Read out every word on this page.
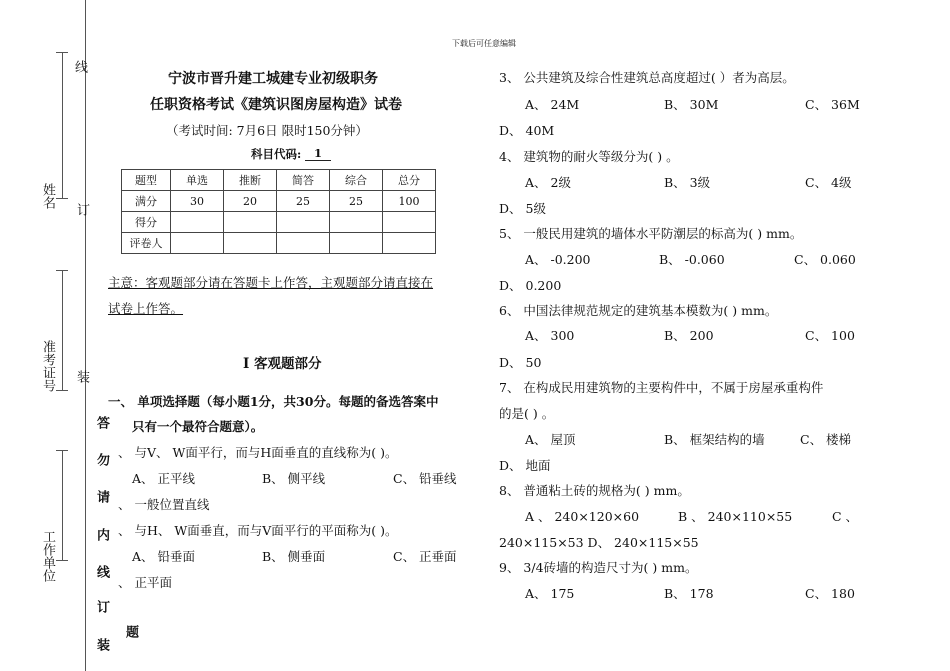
下载后可任意编辑
线
姓名
订
准考证号 装
工作单位
答
勿
请
内
线
订
装
题
宁波市晋升建工城建专业初级职务
任职资格考试《建筑识图房屋构造》试卷
（考试时间: 7月6日 限时150分钟）
科目代码:	1
题型	单选	推断	简答	综合	总分
满分	30	20	25	25	100
得分					
评卷人					
主意：客观题部分请在答题卡上作答，主观题部分请直接在
试卷上作答。
I 客观题部分
一、 单项选择题（每小题1分，共30分。每题的备选答案中
只有一个最符合题意）。
、 与V、 W面平行，而与H面垂直的直线称为( )。
A、 正平线	B、 侧平线	C、 铅垂线
、 一般位置直线
、 与H、 W面垂直，而与V面平行的平面称为( )。
A、 铅垂面	B、 侧垂面	C、 正垂面
、 正平面
3、 公共建筑及综合性建筑总高度超过( ）者为高层。
A、 24M	B、 30M	C、 36M
D、 40M
4、 建筑物的耐火等级分为( ) 。
A、 2级	B、 3级	C、 4级
D、 5级
5、 一般民用建筑的墙体水平防潮层的标高为( ) mm。
A、 -0.200	B、 -0.060	C、 0.060
D、 0.200
6、 中国法律规范规定的建筑基本模数为( ) mm。
A、 300	B、 200	C、 100
D、 50
7、 在构成民用建筑物的主要构件中，不属于房屋承重构件
的是( ) 。
A、 屋顶	B、 框架结构的墙	C、 楼梯
D、 地面
8、 普通粘土砖的规格为( ) mm。
A 、 240×120×60	B 、 240×110×55	C 、
240×115×53 D、 240×115×55
9、 3/4砖墙的构造尺寸为( ) mm。
A、 175	B、 178	C、 180
